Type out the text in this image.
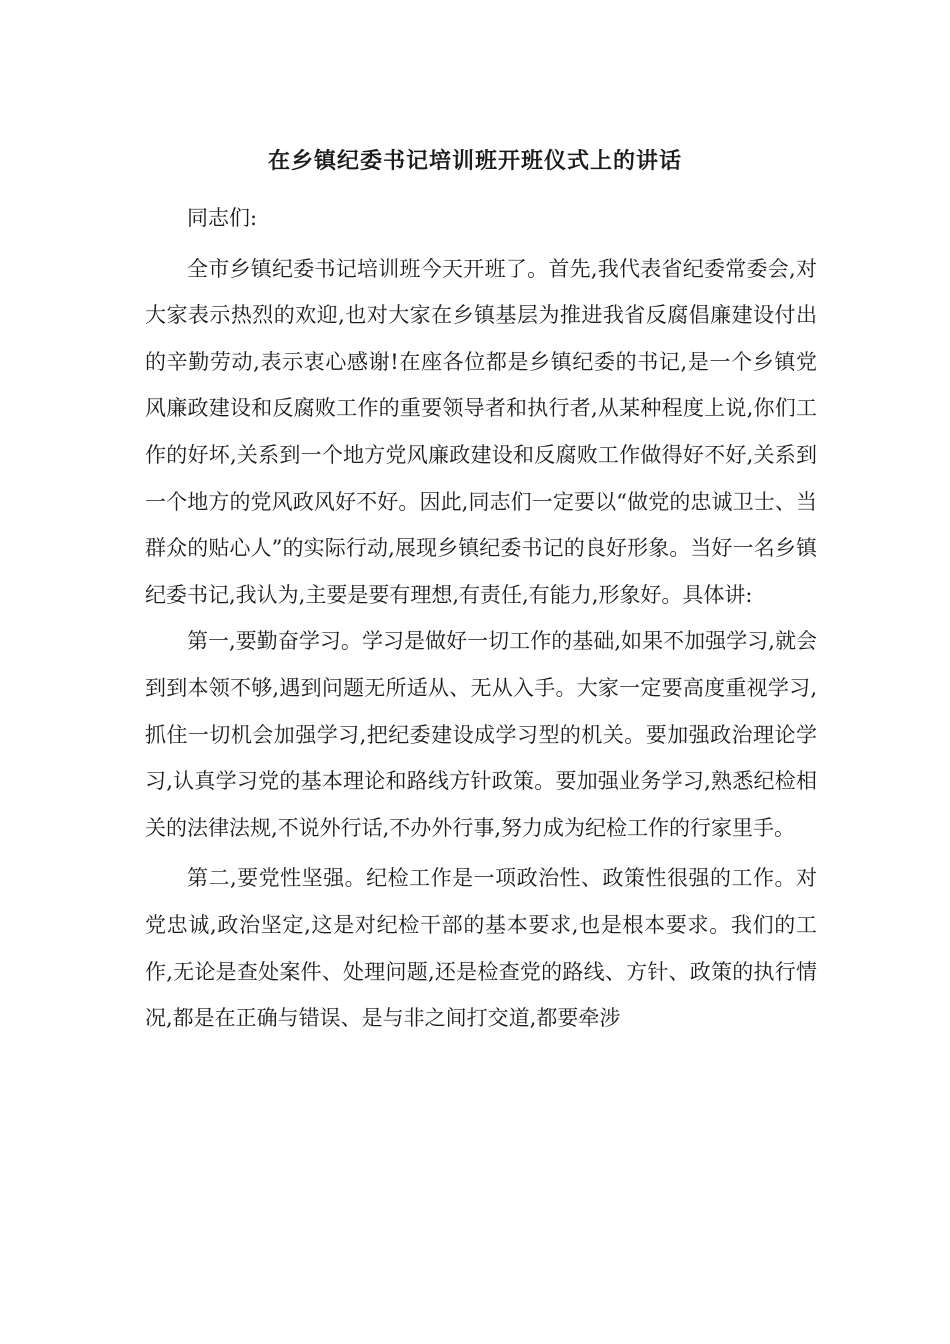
在乡镇纪委书记培训班开班仪式上的讲话

同志们:

全市乡镇纪委书记培训班今天开班了。首先,我代表省纪委常委会,对大家表示热烈的欢迎,也对大家在乡镇基层为推进我省反腐倡廉建设付出的辛勤劳动,表示衷心感谢!在座各位都是乡镇纪委的书记,是一个乡镇党风廉政建设和反腐败工作的重要领导者和执行者,从某种程度上说,你们工作的好坏,关系到一个地方党风廉政建设和反腐败工作做得好不好,关系到一个地方的党风政风好不好。因此,同志们一定要以“做党的忠诚卫士、当群众的贴心人”的实际行动,展现乡镇纪委书记的良好形象。当好一名乡镇纪委书记,我认为,主要是要有理想,有责任,有能力,形象好。具体讲:

第一,要勤奋学习。学习是做好一切工作的基础,如果不加强学习,就会到到本领不够,遇到问题无所适从、无从入手。大家一定要高度重视学习,抓住一切机会加强学习,把纪委建设成学习型的机关。要加强政治理论学习,认真学习党的基本理论和路线方针政策。要加强业务学习,熟悉纪检相关的法律法规,不说外行话,不办外行事,努力成为纪检工作的行家里手。

第二,要党性坚强。纪检工作是一项政治性、政策性很强的工作。对党忠诚,政治坚定,这是对纪检干部的基本要求,也是根本要求。我们的工作,无论是查处案件、处理问题,还是检查党的路线、方针、政策的执行情况,都是在正确与错误、是与非之间打交道,都要牵涉
